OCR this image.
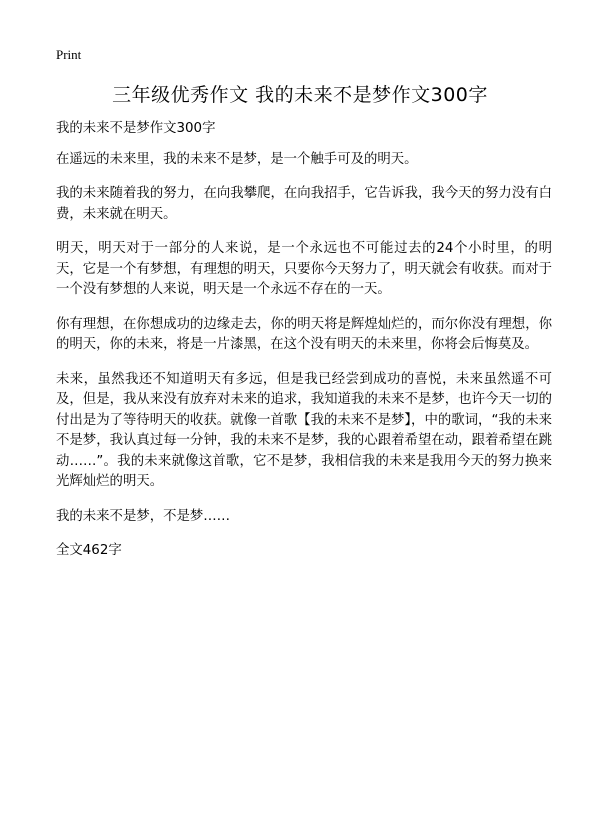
Print
三年级优秀作文 我的未来不是梦作文300字

我的未来不是梦作文300字

在遥远的未来里，我的未来不是梦，是一个触手可及的明天。

我的未来随着我的努力，在向我攀爬，在向我招手，它告诉我，我今天的努力没有白费，未来就在明天。

明天，明天对于一部分的人来说，是一个永远也不可能过去的24个小时里，的明天，它是一个有梦想，有理想的明天，只要你今天努力了，明天就会有收获。而对于一个没有梦想的人来说，明天是一个永远不存在的一天。

你有理想，在你想成功的边缘走去，你的明天将是辉煌灿烂的，而尔你没有理想，你的明天，你的未来，将是一片漆黑，在这个没有明天的未来里，你将会后悔莫及。

未来，虽然我还不知道明天有多远，但是我已经尝到成功的喜悦，未来虽然遥不可及，但是，我从来没有放弃对未来的追求，我知道我的未来不是梦，也许今天一切的付出是为了等待明天的收获。就像一首歌【我的未来不是梦】，中的歌词，“我的未来不是梦，我认真过每一分钟，我的未来不是梦，我的心跟着希望在动，跟着希望在跳动……”。我的未来就像这首歌，它不是梦，我相信我的未来是我用今天的努力换来光辉灿烂的明天。

我的未来不是梦，不是梦……

全文462字
